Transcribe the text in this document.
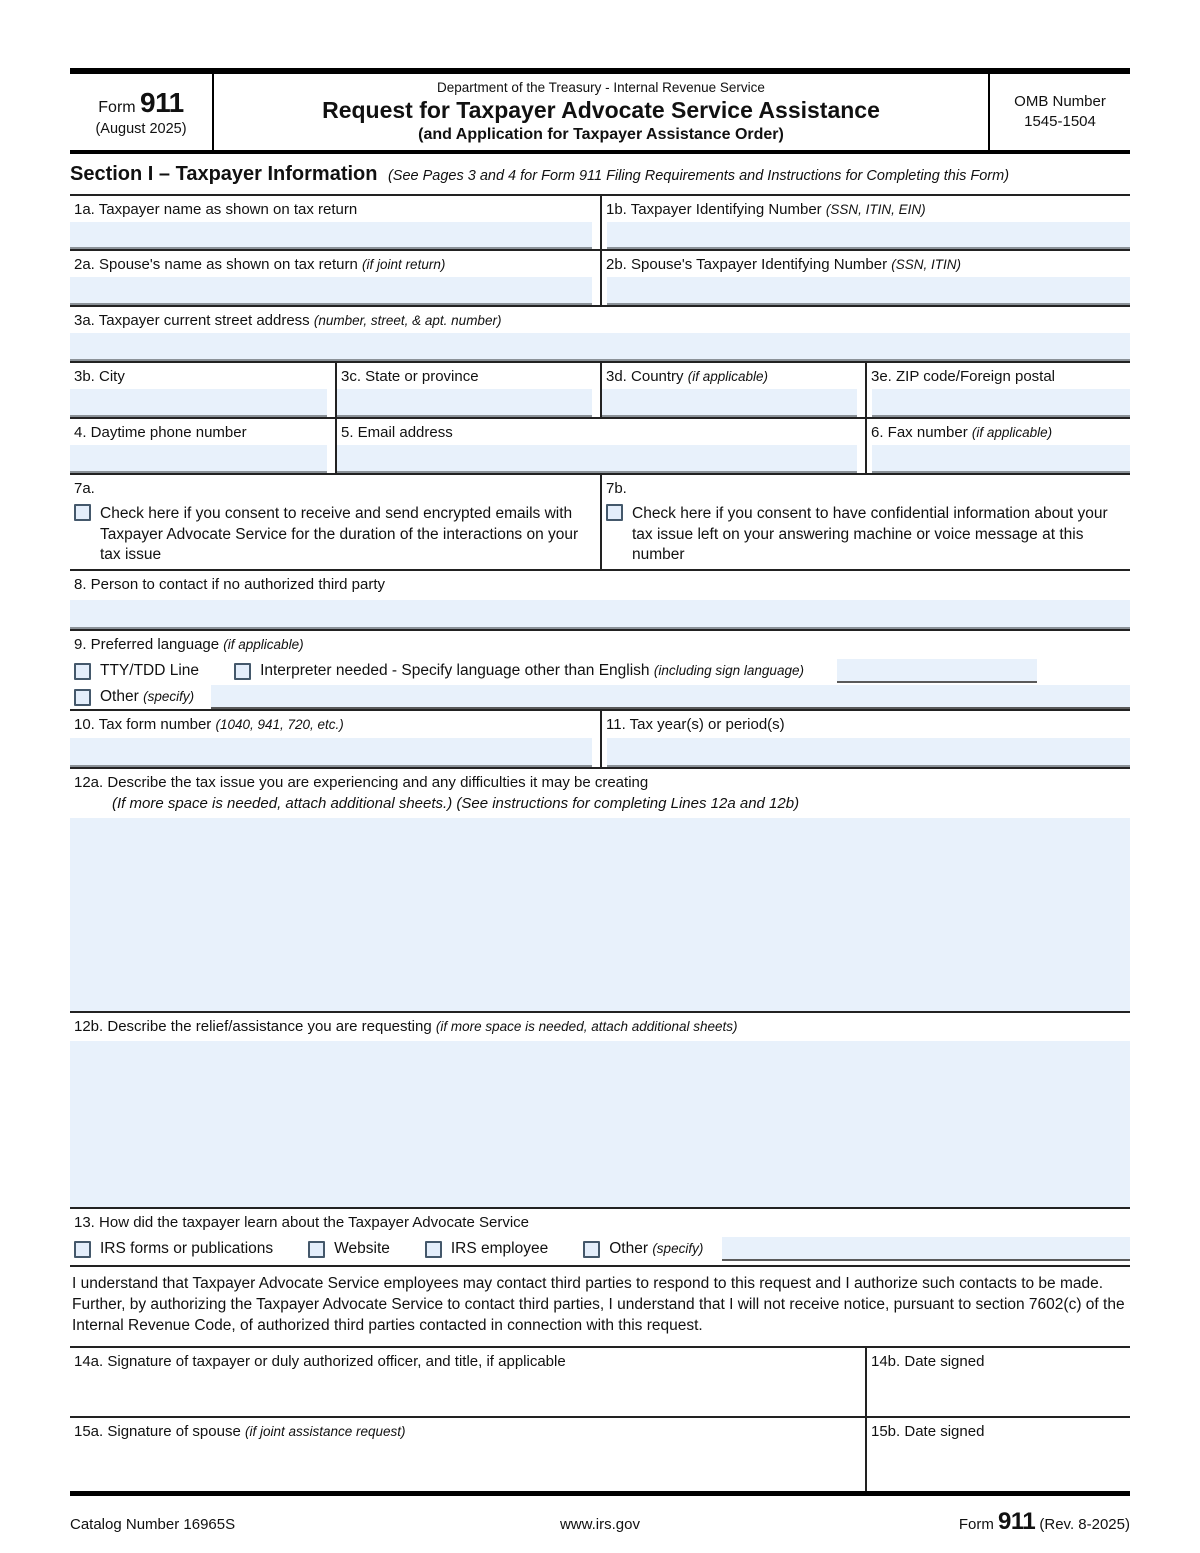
Form 911
(August 2025)
Department of the Treasury - Internal Revenue Service
Request for Taxpayer Advocate Service Assistance
(and Application for Taxpayer Assistance Order)
OMB Number
1545-1504
Section I – Taxpayer Information (See Pages 3 and 4 for Form 911 Filing Requirements and Instructions for Completing this Form)
1a. Taxpayer name as shown on tax return	1b. Taxpayer Identifying Number (SSN, ITIN, EIN)
2a. Spouse's name as shown on tax return (if joint return)	2b. Spouse's Taxpayer Identifying Number (SSN, ITIN)
3a. Taxpayer current street address (number, street, & apt. number)
3b. City	3c. State or province	3d. Country (if applicable)	3e. ZIP code/Foreign postal
4. Daytime phone number	5. Email address	6. Fax number (if applicable)
7a.
Check here if you consent to receive and send encrypted emails with Taxpayer Advocate Service for the duration of the interactions on your tax issue
7b.
Check here if you consent to have confidential information about your tax issue left on your answering machine or voice message at this number
8. Person to contact if no authorized third party
9. Preferred language (if applicable)
TTY/TDD Line	Interpreter needed - Specify language other than English (including sign language)
Other (specify)
10. Tax form number (1040, 941, 720, etc.)	11. Tax year(s) or period(s)
12a. Describe the tax issue you are experiencing and any difficulties it may be creating
(If more space is needed, attach additional sheets.) (See instructions for completing Lines 12a and 12b)
12b. Describe the relief/assistance you are requesting (if more space is needed, attach additional sheets)
13. How did the taxpayer learn about the Taxpayer Advocate Service
IRS forms or publications	Website	IRS employee	Other (specify)
I understand that Taxpayer Advocate Service employees may contact third parties to respond to this request and I authorize such contacts to be made. Further, by authorizing the Taxpayer Advocate Service to contact third parties, I understand that I will not receive notice, pursuant to section 7602(c) of the Internal Revenue Code, of authorized third parties contacted in connection with this request.
14a. Signature of taxpayer or duly authorized officer, and title, if applicable	14b. Date signed
15a. Signature of spouse (if joint assistance request)	15b. Date signed
Catalog Number 16965S	www.irs.gov	Form 911 (Rev. 8-2025)
